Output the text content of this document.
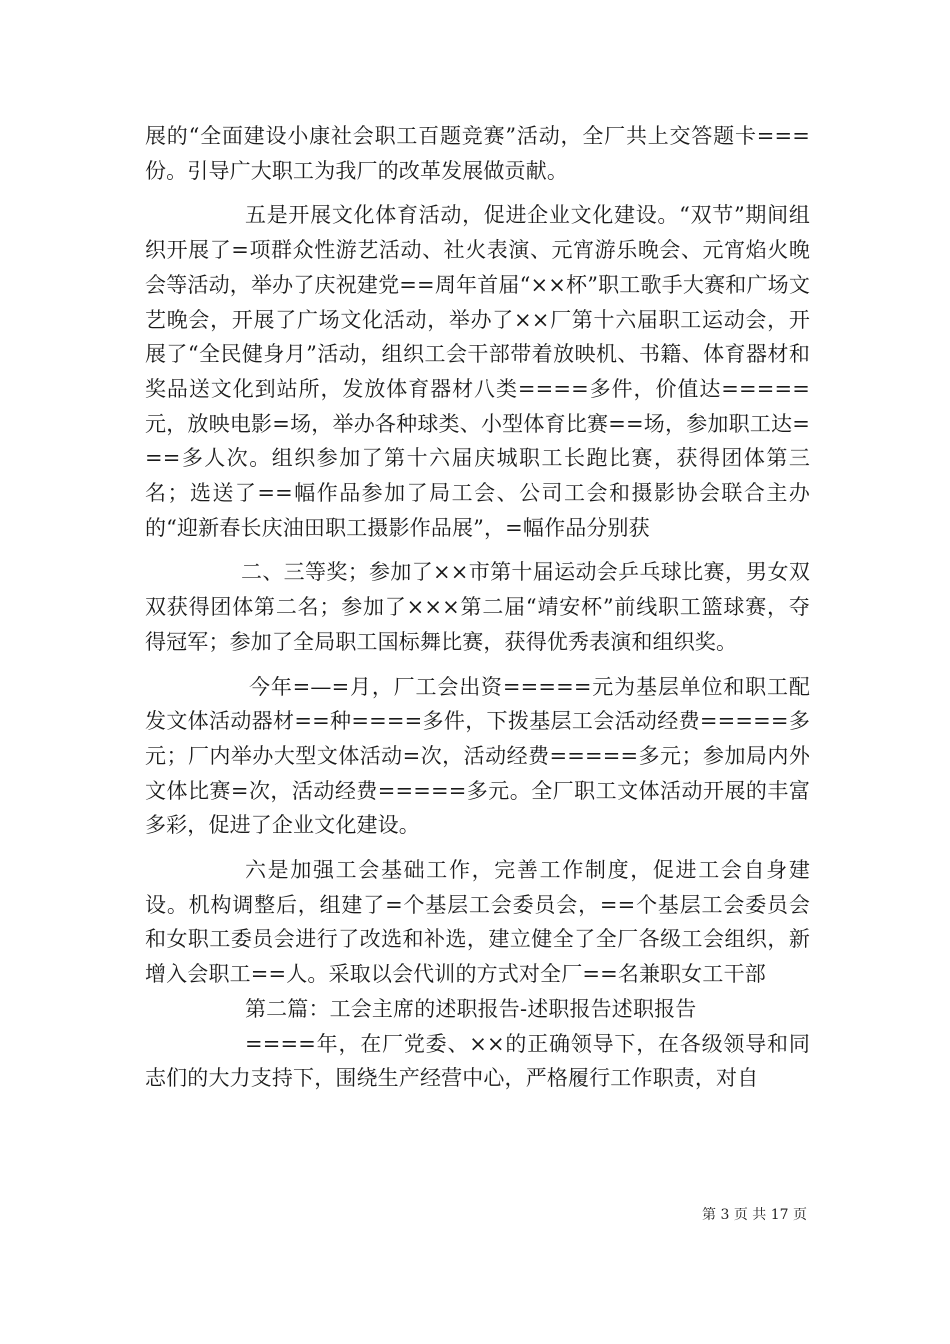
展的“全面建设小康社会职工百题竞赛”活动，全厂共上交答题卡===份。引导广大职工为我厂的改革发展做贡献。

五是开展文化体育活动，促进企业文化建设。“双节”期间组织开展了=项群众性游艺活动、社火表演、元宵游乐晚会、元宵焰火晚会等活动，举办了庆祝建党==周年首届“××杯”职工歌手大赛和广场文艺晚会，开展了广场文化活动，举办了××厂第十六届职工运动会，开展了“全民健身月”活动，组织工会干部带着放映机、书籍、体育器材和奖品送文化到站所，发放体育器材八类====多件，价值达=====元，放映电影=场，举办各种球类、小型体育比赛==场，参加职工达===多人次。组织参加了第十六届庆城职工长跑比赛，获得团体第三名；选送了==幅作品参加了局工会、公司工会和摄影协会联合主办的“迎新春长庆油田职工摄影作品展”，=幅作品分别获

二、三等奖；参加了××市第十届运动会乒乓球比赛，男女双双获得团体第二名；参加了×××第二届“靖安杯”前线职工篮球赛，夺得冠军；参加了全局职工国标舞比赛，获得优秀表演和组织奖。

今年=—=月，厂工会出资=====元为基层单位和职工配发文体活动器材==种====多件，下拨基层工会活动经费=====多元；厂内举办大型文体活动=次，活动经费=====多元；参加局内外文体比赛=次，活动经费=====多元。全厂职工文体活动开展的丰富多彩，促进了企业文化建设。

六是加强工会基础工作，完善工作制度，促进工会自身建设。机构调整后，组建了=个基层工会委员会，==个基层工会委员会和女职工委员会进行了改选和补选，建立健全了全厂各级工会组织，新增入会职工==人。采取以会代训的方式对全厂==名兼职女工干部

第二篇：工会主席的述职报告-述职报告述职报告

====年，在厂党委、××的正确领导下，在各级领导和同志们的大力支持下，围绕生产经营中心，严格履行工作职责，对自

第 3 页 共 17 页
